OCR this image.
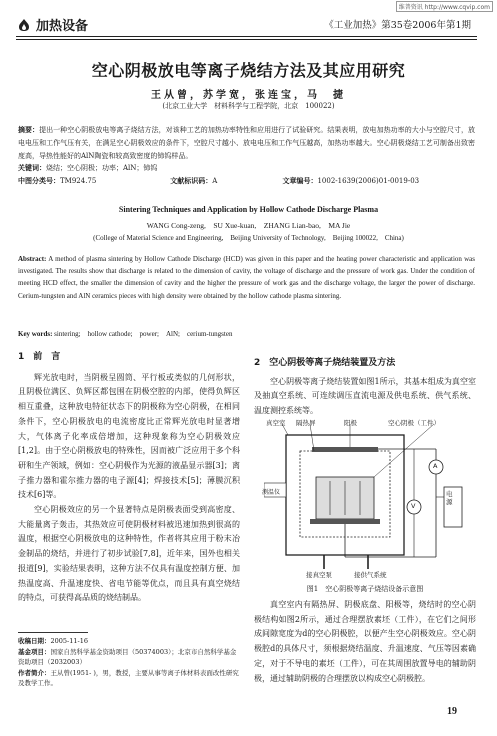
维普资讯 http://www.cqvip.com
加热设备	《工业加热》第35卷2006年第1期
空心阴极放电等离子烧结方法及其应用研究
王从曾，苏学宽，张连宝，马　捷
(北京工业大学　材料科学与工程学院，北京　100022)
摘要：提出一种空心阴极放电等离子烧结方法，对该种工艺的加热功率特性和应用进行了试验研究。结果表明，放电加热功率的大小与空腔尺寸，放电电压和工作气压有关，在满足空心阴极效应的条件下，空腔尺寸越小、放电电压和工作气压越高，加热功率越大。空心阴极烧结工艺可制备出致密度高，导热性能好的AlN陶瓷和较高致密度的铈钨样品。
关键词：烧结；空心阴极；功率；AlN；铈钨
中图分类号：TM924.75	文献标识码：A	文章编号：1002-1639(2006)01-0019-03
Sintering Techniques and Application by Hollow Cathode Discharge Plasma
WANG Cong-zeng,　SU Xue-kuan,　ZHANG Lian-bao,　MA Jie
(College of Material Science and Engineering,　Beijing University of Technology,　Beijing 100022,　China)
Abstract: A method of plasma sintering by Hollow Cathode Discharge (HCD) was given in this paper and the heating power characteristic and application was investigated. The results show that discharge is related to the dimension of cavity, the voltage of discharge and the pressure of work gas. Under the condition of meeting HCD effect, the smaller the dimension of cavity and the higher the pressure of work gas and the discharge voltage, the larger the power of discharge. Cerium-tungsten and AlN ceramics pieces with high density were obtained by the hollow cathode plasma sintering.
Key words: sintering;　hollow cathode;　power;　AlN;　cerium-tungsten
1　前　言

辉光放电时，当阴极呈圆筒、平行板或类似的几何形状，且阴极位满区、负辉区都包围在阴极空腔的内部，使得负辉区相互重叠，这种放电特征状态下的阴极称为空心阴极，在相同条件下，空心阴极放电的电流密度比正常辉光放电时显著增大，气体离子化率成倍增加，这种现象称为空心阴极效应[1,2]。由于空心阴极放电的特殊性，因而被广泛应用于多个科研和生产领域，例如：空心阴极作为光源的液晶显示器[3]；离子推力器和霍尔推力器的电子源[4]；焊接技术[5]；薄膜沉积技术[6]等。

空心阴极效应的另一个显著特点是阴极表面受到高密度、大能量离子轰击，其热效应可使阴极材料被迅速加热到很高的温度，根据空心阴极放电的这种特性，作者将其应用于粉末冶金制品的烧结，并进行了初步试验[7,8]，近年来，国外也相关报道[9]，实验结果表明，这种方法不仅具有温度控制方便、加热温度高、升温速度快、省电节能等优点，而且具有真空烧结的特点，可获得高品质的烧结制品。

收稿日期：2005-11-16
基金项目：国家自然科学基金资助项目（50374003）；北京市自然科学基金资助项目（2032003）
作者简介：王从曾(1951- )，男，教授，主要从事等离子体材料表面改性研究及教学工作。
2　空心阴极等离子烧结装置及方法

空心阴极等离子烧结装置如图1所示，其基本组成为真空室及抽真空系统、可连续调压直流电源及供电系统、供气系统、温度测控系统等。

真空室 隔热屏	阳极	空心阴极（工件）
测温仪
A
V
电源
接真空泵	接供气系统
图1　空心阴极等离子烧结设备示意图

真空室内有隔热屏、阴极底盘、阳极等，烧结时的空心阴极结构如图2所示，通过合理摆放素坯（工件），在它们之间形成间隙宽度为d的空心阴极腔，以便产生空心阴极效应。空心阴极腔d的具体尺寸，须根据烧结温度、升温速度、气压等因素确定，对于不导电的素坯（工件），可在其周围放置导电的辅助阴极，通过辅助阴极的合理摆放以构成空心阴极腔。

19
